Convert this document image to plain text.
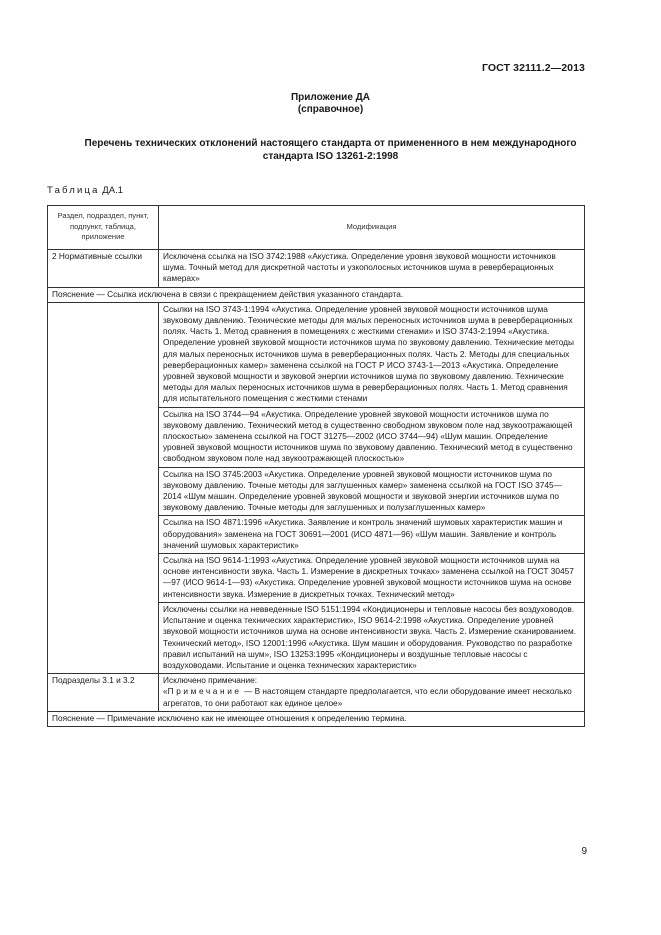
ГОСТ 32111.2—2013
Приложение ДА
(справочное)
Перечень технических отклонений настоящего стандарта от примененного в нем международного стандарта ISO 13261-2:1998
Таблица ДА.1
Раздел, подраздел, пункт, подпункт, таблица, приложение	Модификация
2 Нормативные ссылки	Исключена ссылка на ISO 3742:1988 «Акустика. Определение уровня звуковой мощности источников шума. Точный метод для дискретной частоты и узкополосных источников шума в реверберационных камерах»
Пояснение — Ссылка исключена в связи с прекращением действия указанного стандарта.	
	Ссылки на ISO 3743-1:1994 «Акустика. Определение уровней звуковой мощности источников шума звуковому давлению. Технические методы для малых переносных источников шума в реверберационных полях. Часть 1. Метод сравнения в помещениях с жесткими стенами» и ISO 3743-2:1994 «Акустика. Определение уровней звуковой мощности источников шума по звуковому давлению. Технические методы для малых переносных источников шума в реверберационных полях. Часть 2. Методы для специальных реверберационных камер» заменена ссылкой на ГОСТ Р ИСО 3743-1—2013 «Акустика. Определение уровней звуковой мощности и звуковой энергии источников шума по звуковому давлению. Технические методы для малых переносных источников шума в реверберационных полях. Часть 1. Метод сравнения для испытательного помещения с жесткими стенами
	Ссылка на ISO 3744—94 «Акустика. Определение уровней звуковой мощности источников шума по звуковому давлению. Технический метод в существенно свободном звуковом поле над звукоотражающей плоскостью» заменена ссылкой на ГОСТ 31275—2002 (ИСО 3744—94) «Шум машин. Определение уровней звуковой мощности источников шума по звуковому давлению. Технический метод в существенно свободном звуковом поле над звукоотражающей плоскостью»
	Ссылка на ISO 3745:2003 «Акустика. Определение уровней звуковой мощности источников шума по звуковому давлению. Точные методы для заглушенных камер» заменена ссылкой на ГОСТ ISO 3745—2014 «Шум машин. Определение уровней звуковой мощности и звуковой энергии источников шума по звуковому давлению. Точные методы для заглушенных и полузаглушенных камер»
	Ссылка на ISO 4871:1996 «Акустика. Заявление и контроль значений шумовых характеристик машин и оборудования» заменена на ГОСТ 30691—2001 (ИСО 4871—96) «Шум машин. Заявление и контроль значений шумовых характеристик»
	Ссылка на ISO 9614-1:1993 «Акустика. Определение уровней звуковой мощности источников шума на основе интенсивности звука. Часть 1. Измерение в дискретных точках» заменена ссылкой на ГОСТ 30457—97 (ИСО 9614-1—93) «Акустика. Определение уровней звуковой мощности источников шума на основе интенсивности звука. Измерение в дискретных точках. Технический метод»
	Исключены ссылки на невведенные ISO 5151:1994 «Кондиционеры и тепловые насосы без воздуховодов. Испытание и оценка технических характеристик», ISO 9614-2:1998 «Акустика. Определение уровней звуковой мощности источников шума на основе интенсивности звука. Часть 2. Измерение сканированием. Технический метод», ISO 12001:1996 «Акустика. Шум машин и оборудования. Руководство по разработке правил испытаний на шум», ISO 13253:1995 «Кондиционеры и воздушные тепловые насосы с воздуховодами. Испытание и оценка технических характеристик»
Подразделы 3.1 и 3.2	Исключено примечание:
«Примечание — В настоящем стандарте предполагается, что если оборудование имеет несколько агрегатов, то они работают как единое целое»

Пояснение — Примечание исключено как не имеющее отношения к определению термина.	
9
